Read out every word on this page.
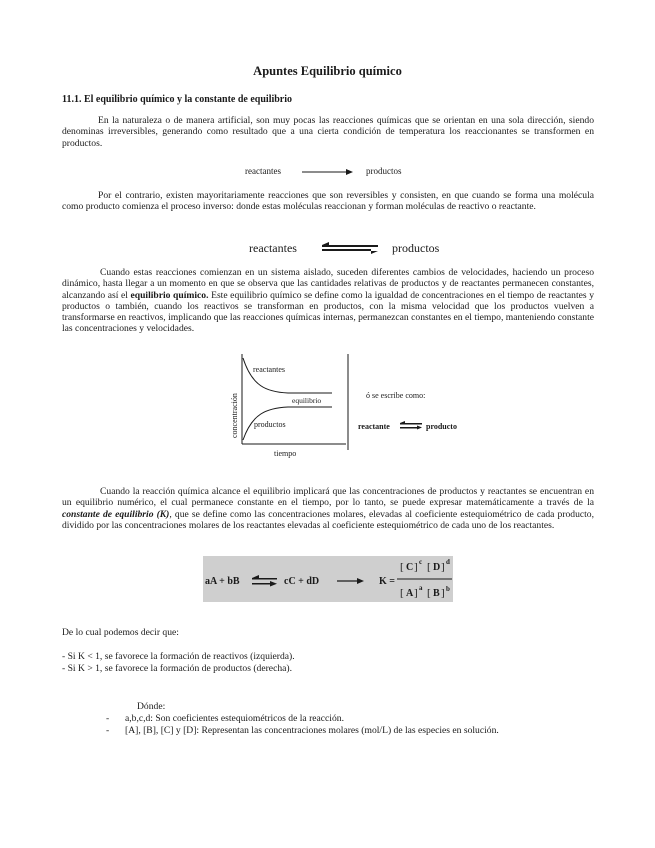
Apuntes Equilibrio químico
11.1. El equilibrio químico y la constante de equilibrio
En la naturaleza o de manera artificial, son muy pocas las reacciones químicas que se orientan en una sola dirección, siendo denominas irreversibles, generando como resultado que a una cierta condición de temperatura los reaccionantes se transformen en productos.
reactantes	productos
Por el contrario, existen mayoritariamente reacciones que son reversibles y consisten, en que cuando se forma una molécula como producto comienza el proceso inverso: donde estas moléculas reaccionan y forman moléculas de reactivo o reactante.
reactantes ⇌ productos
Cuando estas reacciones comienzan en un sistema aislado, suceden diferentes cambios de velocidades, haciendo un proceso dinámico, hasta llegar a un momento en que se observa que las cantidades relativas de productos y de reactantes permanecen constantes, alcanzando así el equilibrio químico. Este equilibrio químico se define como la igualdad de concentraciones en el tiempo de reactantes y productos o también, cuando los reactivos se transforman en productos, con la misma velocidad que los productos vuelven a transformarse en reactivos, implicando que las reacciones químicas internas, permanezcan constantes en el tiempo, manteniendo constante las concentraciones y velocidades.
concentración
tiempo
reactantes
equilibrio
productos
ó se escribe como:
reactante	producto
Cuando la reacción química alcance el equilibrio implicará que las concentraciones de productos y reactantes se encuentran en un equilibrio numérico, el cual permanece constante en el tiempo, por lo tanto, se puede expresar matemáticamente a través de la constante de equilibrio (K), que se define como las concentraciones molares, elevadas al coeficiente estequiométrico de cada producto, dividido por las concentraciones molares de los reactantes elevadas al coeficiente estequiométrico de cada uno de los reactantes.
aA + bB	cC + dD	K =
[ C ] c [ D ] d
[ A ] a [ B ] b
De lo cual podemos decir que:
- Si K < 1, se favorece la formación de reactivos (izquierda).
- Si K > 1, se favorece la formación de productos (derecha).
Dónde:
- a,b,c,d: Son coeficientes estequiométricos de la reacción.
- [A], [B], [C] y [D]: Representan las concentraciones molares (mol/L) de las especies en solución.
